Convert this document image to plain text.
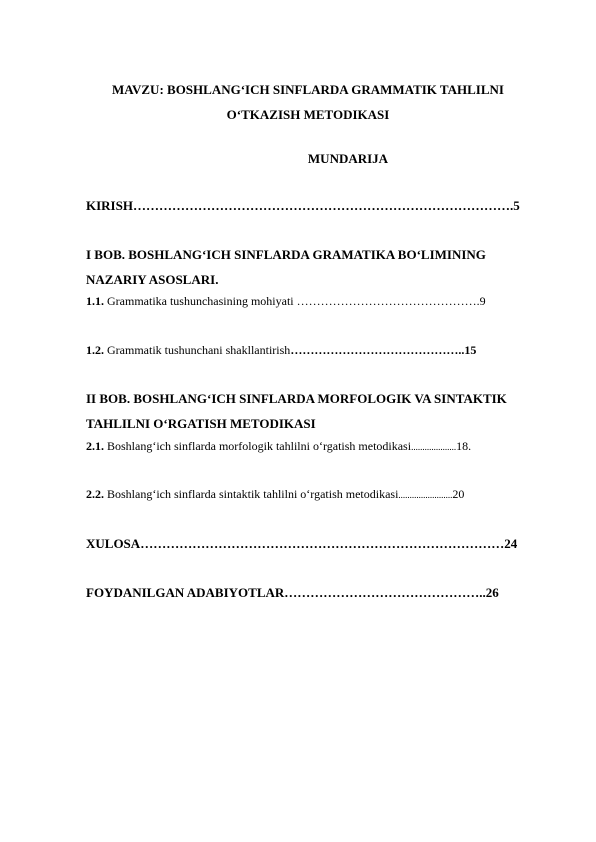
MAVZU: BOSHLANG‘ICH SINFLARDA GRAMMATIK TAHLILNI
O‘TKAZISH METODIKASI
MUNDARIJA
KIRISH…………………………………………………………………………….5
I BOB. BOSHLANG‘ICH SINFLARDA GRAMATIKA BO‘LIMINING
NAZARIY ASOSLARI.
1.1. Grammatika tushunchasining mohiyati ……………………………………….9
1.2. Grammatik tushunchani shakllantirish……………………………………..15
II BOB. BOSHLANG‘ICH SINFLARDA MORFOLOGIK VA SINTAKTIK
TAHLILNI O‘RGATISH METODIKASI
2.1. Boshlang‘ich sinflarda morfologik tahlilni o‘rgatish metodikasi....................18.
2.2. Boshlang‘ich sinflarda sintaktik tahlilni o‘rgatish metodikasi........................20
XULOSA…………………………………………………………………………24
FOYDANILGAN ADABIYOTLAR………………………………………..26
